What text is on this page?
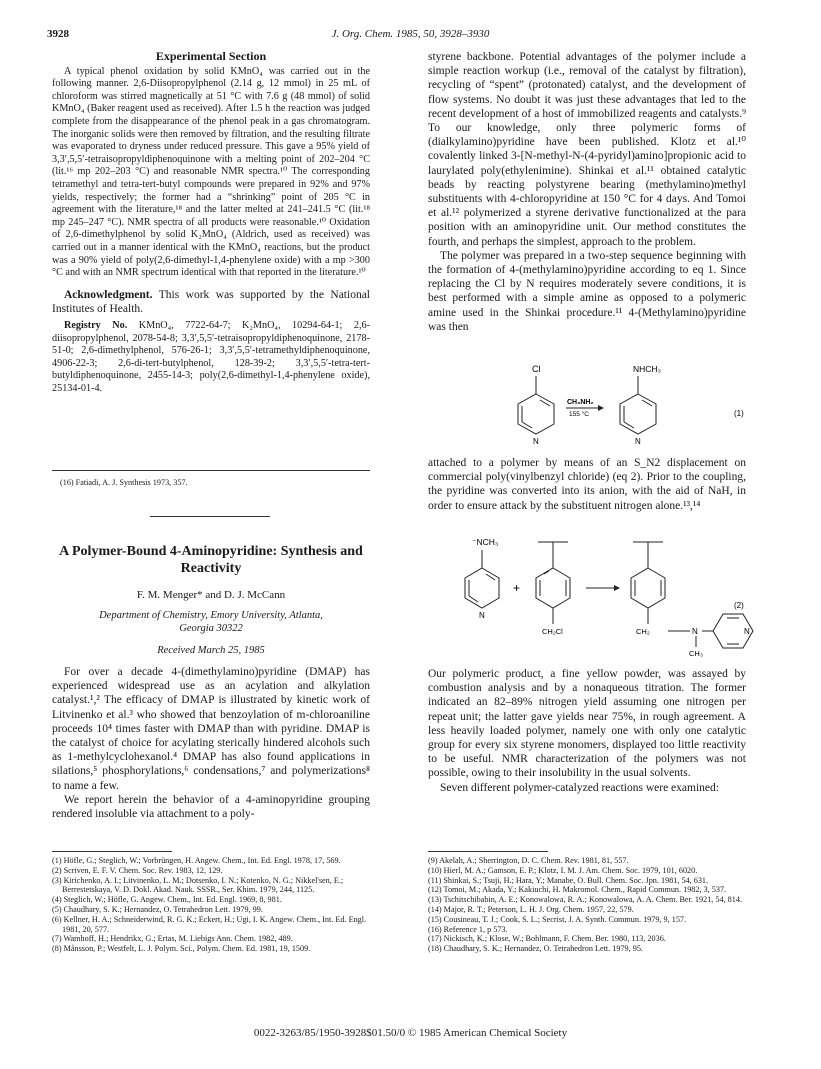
3928	J. Org. Chem. 1985, 50, 3928–3930
Experimental Section

A typical phenol oxidation by solid KMnO₄ was carried out in the following manner. 2,6-Diisopropylphenol (2.14 g, 12 mmol) in 25 mL of chloroform was stirred magnetically at 51 °C with 7.6 g (48 mmol) of solid KMnO₄ (Baker reagent used as received). After 1.5 h the reaction was judged complete from the disappearance of the phenol peak in a gas chromatogram. The inorganic solids were then removed by filtration, and the resulting filtrate was evaporated to dryness under reduced pressure. This gave a 95% yield of 3,3′,5,5′-tetraisopropyldiphenoquinone with a melting point of 202–204 °C (lit.¹⁶ mp 202–203 °C) and reasonable NMR spectra.¹⁰ The corresponding tetramethyl and tetra-tert-butyl compounds were prepared in 92% and 97% yields, respectively; the former had a “shrinking” point of 205 °C in agreement with the literature,¹⁸ and the latter melted at 241–241.5 °C (lit.¹⁸ mp 245–247 °C). NMR spectra of all products were reasonable.¹⁰ Oxidation of 2,6-dimethylphenol by solid K₂MnO₄ (Aldrich, used as received) was carried out in a manner identical with the KMnO₄ reactions, but the product was a 90% yield of poly(2,6-dimethyl-1,4-phenylene oxide) with a mp >300 °C and with an NMR spectrum identical with that reported in the literature.¹⁰

Acknowledgment. This work was supported by the National Institutes of Health.

Registry No. KMnO₄, 7722-64-7; K₂MnO₄, 10294-64-1; 2,6-diisopropylphenol, 2078-54-8; 3,3′,5,5′-tetraisopropyldiphenoquinone, 2178-51-0; 2,6-dimethylphenol, 576-26-1; 3,3′,5,5′-tetramethyldiphenoquinone, 4906-22-3; 2,6-di-tert-butylphenol, 128-39-2; 3,3′,5,5′-tetra-tert-butyldiphenoquinone, 2455-14-3; poly(2,6-dimethyl-1,4-phenylene oxide), 25134-01-4.

(16) Fatiadi, A. J. Synthesis 1973, 357.
A Polymer-Bound 4-Aminopyridine: Synthesis and Reactivity
F. M. Menger* and D. J. McCann
Department of Chemistry, Emory University, Atlanta, Georgia 30322
Received March 25, 1985

For over a decade 4-(dimethylamino)pyridine (DMAP) has experienced widespread use as an acylation and alkylation catalyst.¹,² The efficacy of DMAP is illustrated by kinetic work of Litvinenko et al.³ who showed that benzoylation of m-chloroaniline proceeds 10⁴ times faster with DMAP than with pyridine. DMAP is the catalyst of choice for acylating sterically hindered alcohols such as 1-methylcyclohexanol.⁴ DMAP has also found applications in silations,⁵ phosphorylations,⁶ condensations,⁷ and polymerizations⁸ to name a few.

We report herein the behavior of a 4-aminopyridine grouping rendered insoluble via attachment to a poly-

(1) Höfle, G.; Steglich, W.; Vorbrüngen, H. Angew. Chem., Int. Ed. Engl. 1978, 17, 569.

(2) Scriven, E. F. V. Chem. Soc. Rev. 1983, 12, 129.

(3) Kirichenko, A. I.; Litvinenko, L. M.; Dotsenko, I. N.; Kotenko, N. G.; Nikkel'sen, E.; Berrestetskaya, V. D. Dokl. Akad. Nauk. SSSR., Ser. Khim. 1979, 244, 1125.

(4) Steglich, W.; Höfle, G. Angew. Chem., Int. Ed. Engl. 1969, 8, 981.

(5) Chaudhary, S. K.; Hernandez, O. Tetrahedron Lett. 1979, 99.

(6) Kellner, H. A.; Schneiderwind, R. G. K.; Eckert, H.; Ugi, I. K. Angew. Chem., Int. Ed. Engl. 1981, 20, 577.

(7) Wamhoff, H.; Hendrikx, G.; Ertas, M. Liebigs Ann. Chem. 1982, 489.

(8) Månsson, P.; Westfelt, L. J. Polym. Sci., Polym. Chem. Ed. 1981, 19, 1509.

styrene backbone. Potential advantages of the polymer include a simple reaction workup (i.e., removal of the catalyst by filtration), recycling of “spent” (protonated) catalyst, and the development of flow systems. No doubt it was just these advantages that led to the recent development of a host of immobilized reagents and catalysts.⁹ To our knowledge, only three polymeric forms of (dialkylamino)pyridine have been published. Klotz et al.¹⁰ covalently linked 3-[N-methyl-N-(4-pyridyl)amino]propionic acid to laurylated poly(ethylenimine). Shinkai et al.¹¹ obtained catalytic beads by reacting polystyrene bearing (methylamino)methyl substituents with 4-chloropyridine at 150 °C for 4 days. And Tomoi et al.¹² polymerized a styrene derivative functionalized at the para position with an aminopyridine unit. Our method constitutes the fourth, and perhaps the simplest, approach to the problem.

The polymer was prepared in a two-step sequence beginning with the formation of 4-(methylamino)pyridine according to eq 1. Since replacing the Cl by N requires moderately severe conditions, it is best performed with a simple amine as opposed to a polymeric amine used in the Shinkai procedure.¹¹ 4-(Methylamino)pyridine was then

Cl
N
CH₃NH₂
155 °C
NHCH₃
N
(1)

attached to a polymer by means of an S_N2 displacement on commercial poly(vinylbenzyl chloride) (eq 2). Prior to the coupling, the pyridine was converted into its anion, with the aid of NaH, in order to ensure attack by the substituent nitrogen alone.¹³,¹⁴

⁻NCH₃
N
+
CH₂Cl	CH₂	N
CH₃
N
(2)

Our polymeric product, a fine yellow powder, was assayed by combustion analysis and by a nonaqueous titration. The former indicated an 82–89% nitrogen yield assuming one nitrogen per repeat unit; the latter gave yields near 75%, in rough agreement. A less heavily loaded polymer, namely one with only one catalytic group for every six styrene monomers, displayed too little reactivity to be useful. NMR characterization of the polymers was not possible, owing to their insolubility in the usual solvents.

Seven different polymer-catalyzed reactions were examined:

(9) Akelah, A.; Sherrington, D. C. Chem. Rev. 1981, 81, 557.

(10) Hierl, M. A.; Gamson, E. P.; Klotz, I. M. J. Am. Chem. Soc. 1979, 101, 6020.

(11) Shinkai, S.; Tsuji, H.; Hara, Y.; Manabe, O. Bull. Chem. Soc. Jpn. 1981, 54, 631.

(12) Tomoi, M.; Akada, Y.; Kakiuchi, H. Makromol. Chem., Rapid Commun. 1982, 3, 537.

(13) Tschitschibabin, A. E.; Konowalowa, R. A.; Konowalowa, A. A. Chem. Ber. 1921, 54, 814.

(14) Major, R. T.; Peterson, L. H. J. Org. Chem. 1957, 22, 579.

(15) Cousineau, T. J.; Cook, S. L.; Secrist, J. A. Synth. Commun. 1979, 9, 157.

(16) Reference 1, p 573.

(17) Nickisch, K.; Klose, W.; Bohlmann, F. Chem. Ber. 1980, 113, 2036.

(18) Chaudhary, S. K.; Hernandez, O. Tetrahedron Lett. 1979, 95.

0022-3263/85/1950-3928$01.50/0 © 1985 American Chemical Society
